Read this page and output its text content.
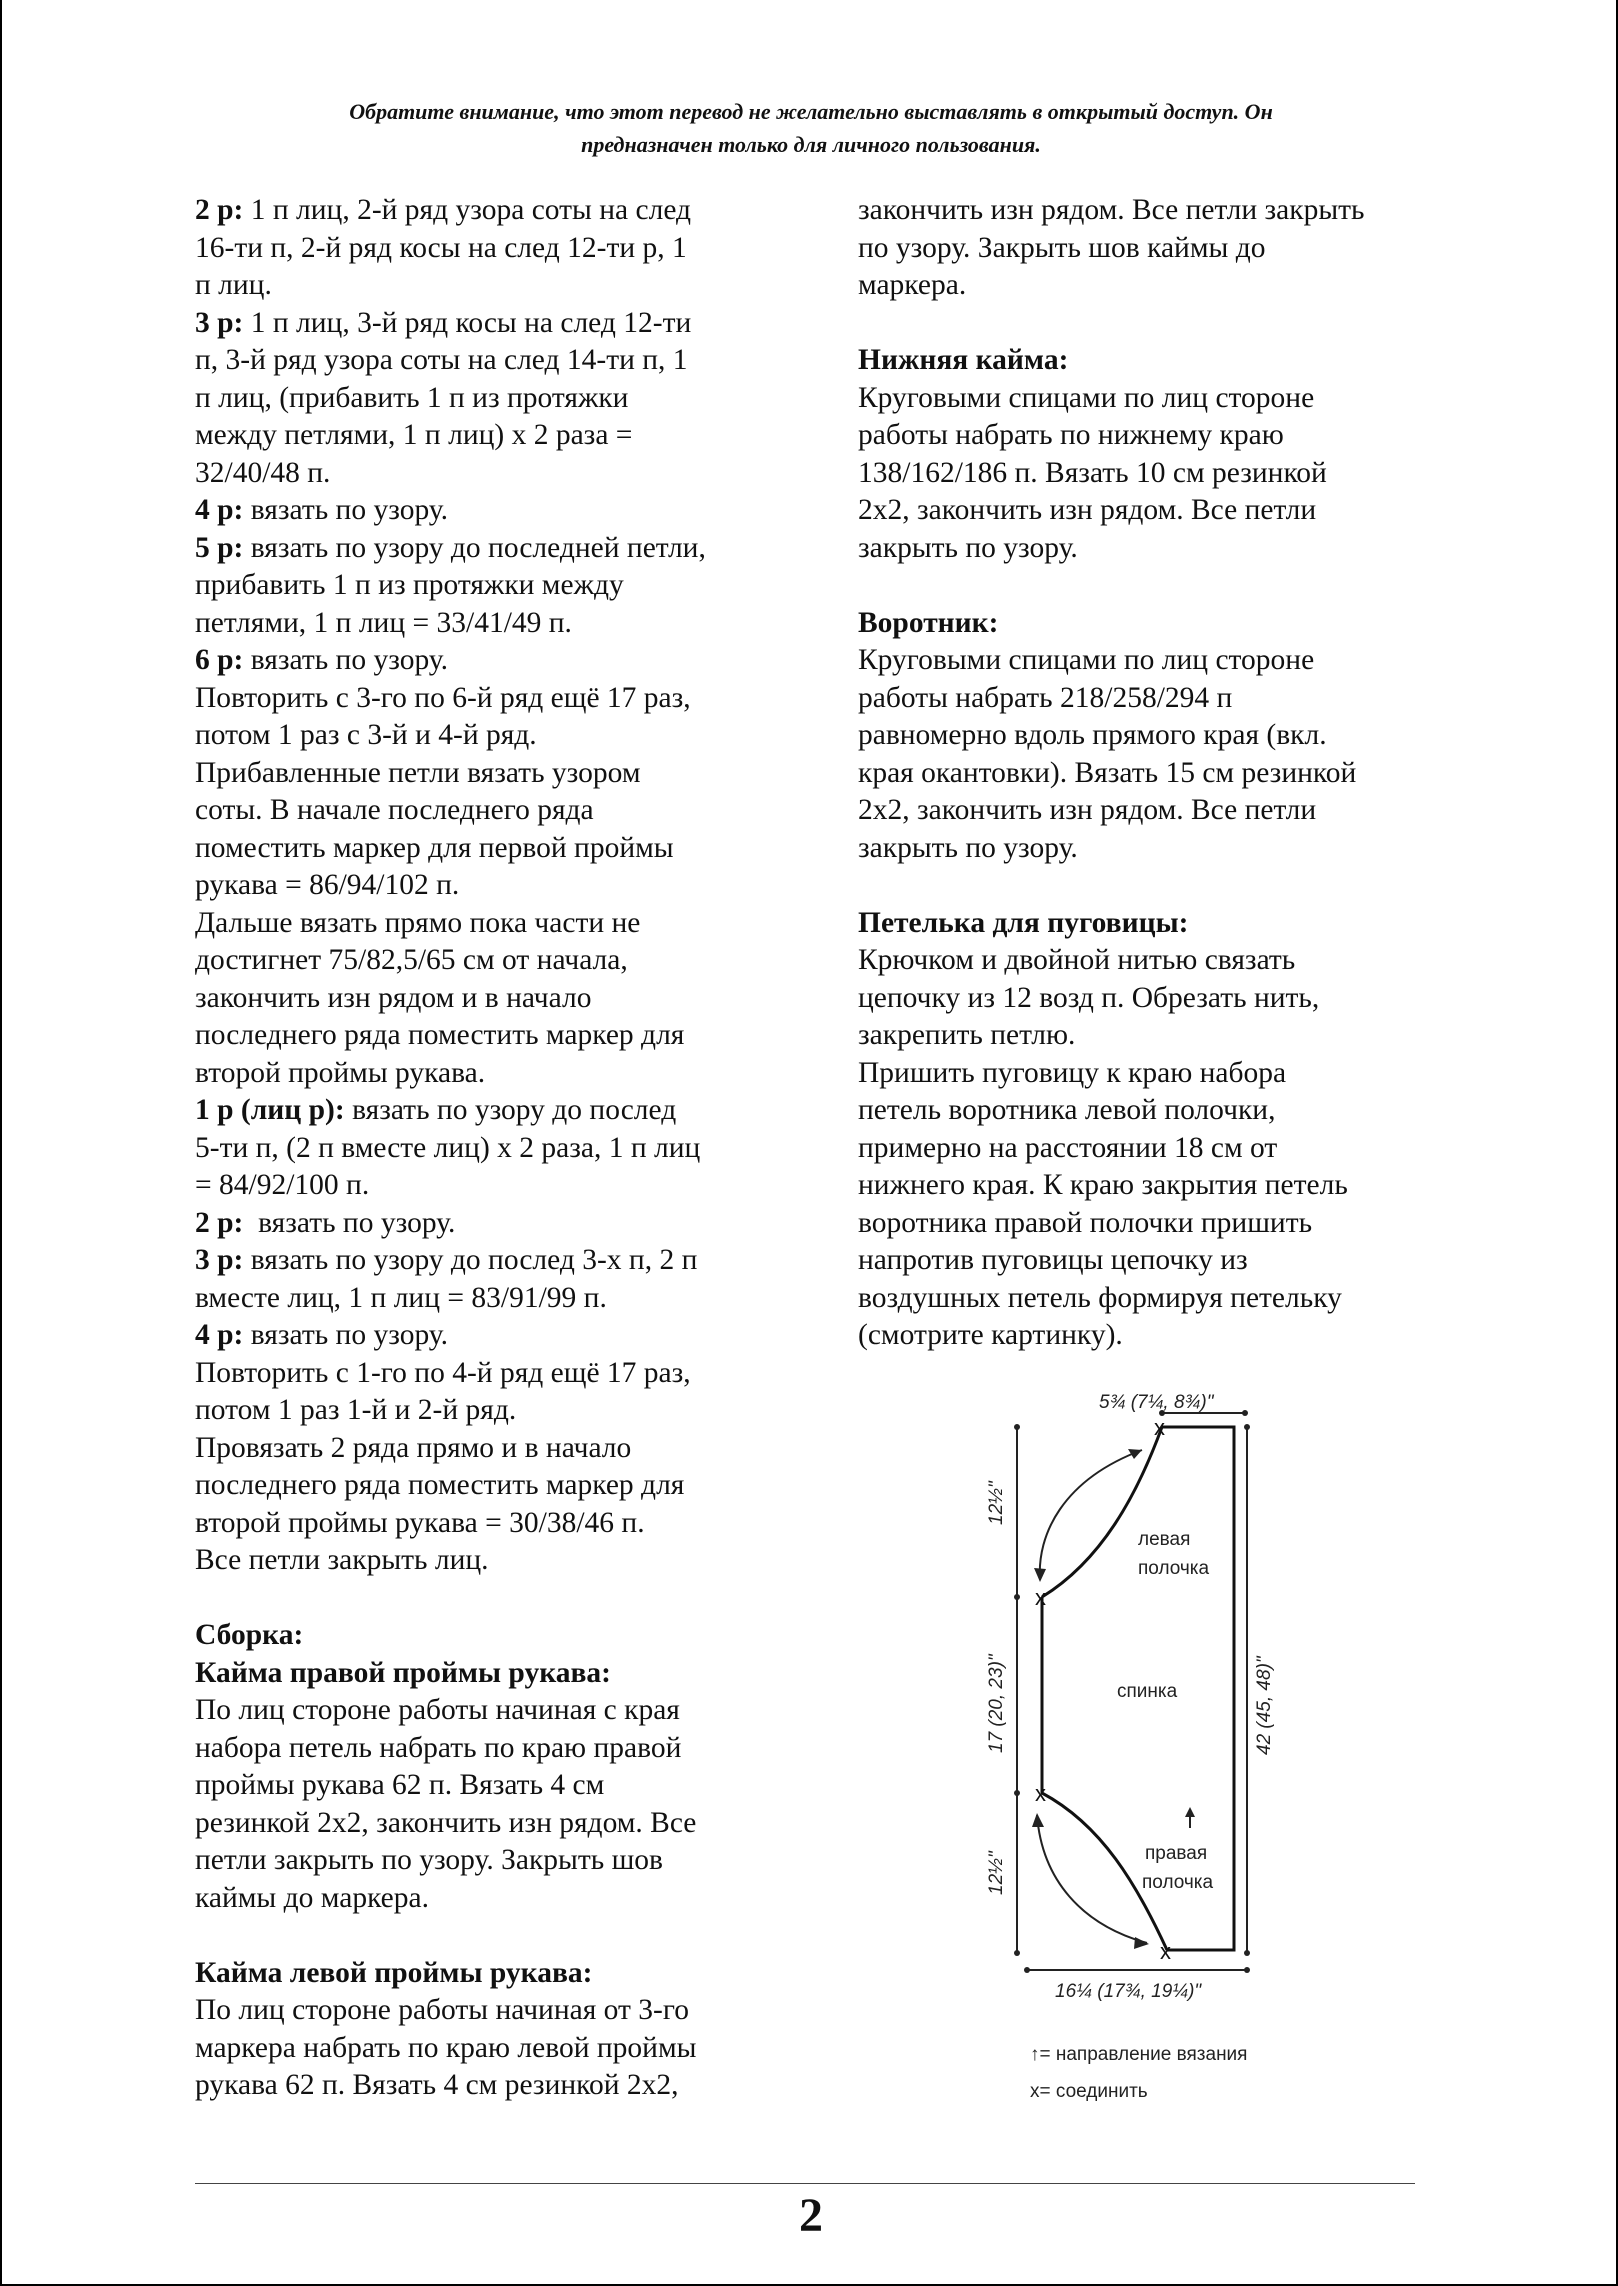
Обратите внимание, что этот перевод не желательно выставлять в открытый доступ. Он
предназначен только для личного пользования.
2 р: 1 п лиц, 2-й ряд узора соты на след
16-ти п, 2-й ряд косы на след 12-ти р, 1
п лиц.
3 р: 1 п лиц, 3-й ряд косы на след 12-ти
п, 3-й ряд узора соты на след 14-ти п, 1
п лиц, (прибавить 1 п из протяжки
между петлями, 1 п лиц) х 2 раза =
32/40/48 п.
4 р: вязать по узору.
5 р: вязать по узору до последней петли,
прибавить 1 п из протяжки между
петлями, 1 п лиц = 33/41/49 п.
6 р: вязать по узору.
Повторить с 3-го по 6-й ряд ещё 17 раз,
потом 1 раз с 3-й и 4-й ряд.
Прибавленные петли вязать узором
соты. В начале последнего ряда
поместить маркер для первой проймы
рукава = 86/94/102 п.
Дальше вязать прямо пока части не
достигнет 75/82,5/65 см от начала,
закончить изн рядом и в начало
последнего ряда поместить маркер для
второй проймы рукава.
1 р (лиц р): вязать по узору до послед
5-ти п, (2 п вместе лиц) х 2 раза, 1 п лиц
= 84/92/100 п.
2 р:  вязать по узору.
3 р: вязать по узору до послед 3-х п, 2 п
вместе лиц, 1 п лиц = 83/91/99 п.
4 р: вязать по узору.
Повторить с 1-го по 4-й ряд ещё 17 раз,
потом 1 раз 1-й и 2-й ряд.
Провязать 2 ряда прямо и в начало
последнего ряда поместить маркер для
второй проймы рукава = 30/38/46 п.
Все петли закрыть лиц.
Сборка:
Кайма правой проймы рукава:
По лиц стороне работы начиная с края
набора петель набрать по краю правой
проймы рукава 62 п. Вязать 4 см
резинкой 2х2, закончить изн рядом. Все
петли закрыть по узору. Закрыть шов
каймы до маркера.
Кайма левой проймы рукава:
По лиц стороне работы начиная от 3-го
маркера набрать по краю левой проймы
рукава 62 п. Вязать 4 см резинкой 2х2,
закончить изн рядом. Все петли закрыть
по узору. Закрыть шов каймы до
маркера.
Нижняя кайма:
Круговыми спицами по лиц стороне
работы набрать по нижнему краю
138/162/186 п. Вязать 10 см резинкой
2х2, закончить изн рядом. Все петли
закрыть по узору.
Воротник:
Круговыми спицами по лиц стороне
работы набрать 218/258/294 п
равномерно вдоль прямого края (вкл.
края окантовки). Вязать 15 см резинкой
2х2, закончить изн рядом. Все петли
закрыть по узору.
Петелька для пуговицы:
Крючком и двойной нитью связать
цепочку из 12 возд п. Обрезать нить,
закрепить петлю.
Пришить пуговицу к краю набора
петель воротника левой полочки,
примерно на расстоянии 18 см от
нижнего края. К краю закрытия петель
воротника правой полочки пришить
напротив пуговицы цепочку из
воздушных петель формируя петельку
(смотрите картинку).
5¾ (7¼, 8¾)"
12½"
17 (20, 23)"
12½"
42 (45, 48)"
16¼ (17¾, 19¼)"
x
x
x
x
левая
полочка
спинка
правая
полочка
↑= направление вязания
x= соединить
2
